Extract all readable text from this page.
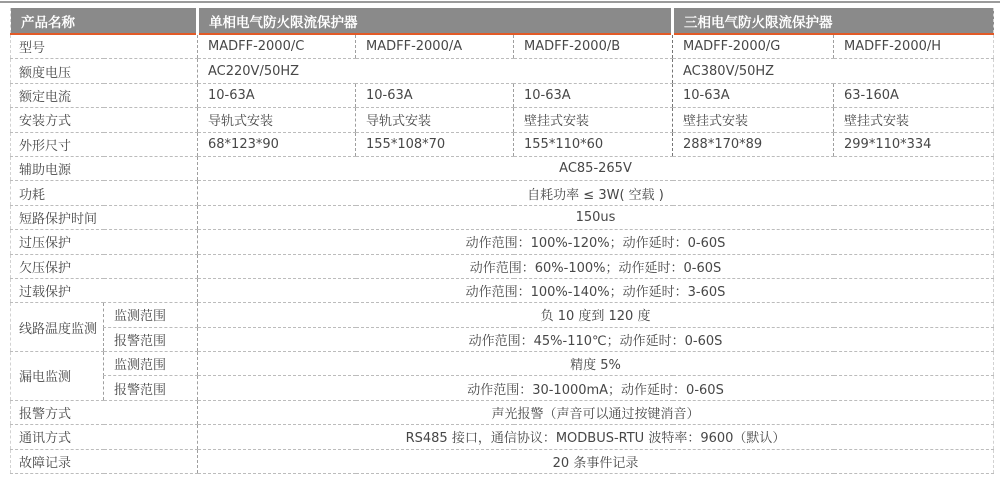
产品名称		单相电气防火限流保护器			三相电气防火限流保护器	
型号		MADFF-2000/C	MADFF-2000/A	MADFF-2000/B	MADFF-2000/G	MADFF-2000/H
额度电压		AC220V/50HZ			AC380V/50HZ	
额定电流		10-63A	10-63A	10-63A	10-63A	63-160A
安装方式		导轨式安装	导轨式安装	壁挂式安装	壁挂式安装	壁挂式安装
外形尺寸		68*123*90	155*108*70	155*110*60	288*170*89	299*110*334
辅助电源		AC85-265V				
功耗		自耗功率 ≤ 3W( 空载 )				
短路保护时间		150us				
过压保护		动作范围：100%-120%；动作延时：0-60S				
欠压保护		动作范围：60%-100%；动作延时：0-60S				
过载保护		动作范围：100%-140%；动作延时：3-60S				
线路温度监测	监测范围	负 10 度到 120 度				
	报警范围	动作范围：45%-110℃；动作延时：0-60S				
漏电监测	监测范围	精度 5%				
	报警范围	动作范围：30-1000mA；动作延时：0-60S				
报警方式		声光报警（声音可以通过按键消音）				
通讯方式		RS485 接口，通信协议：MODBUS-RTU 波特率：9600（默认）				
故障记录		20 条事件记录				
